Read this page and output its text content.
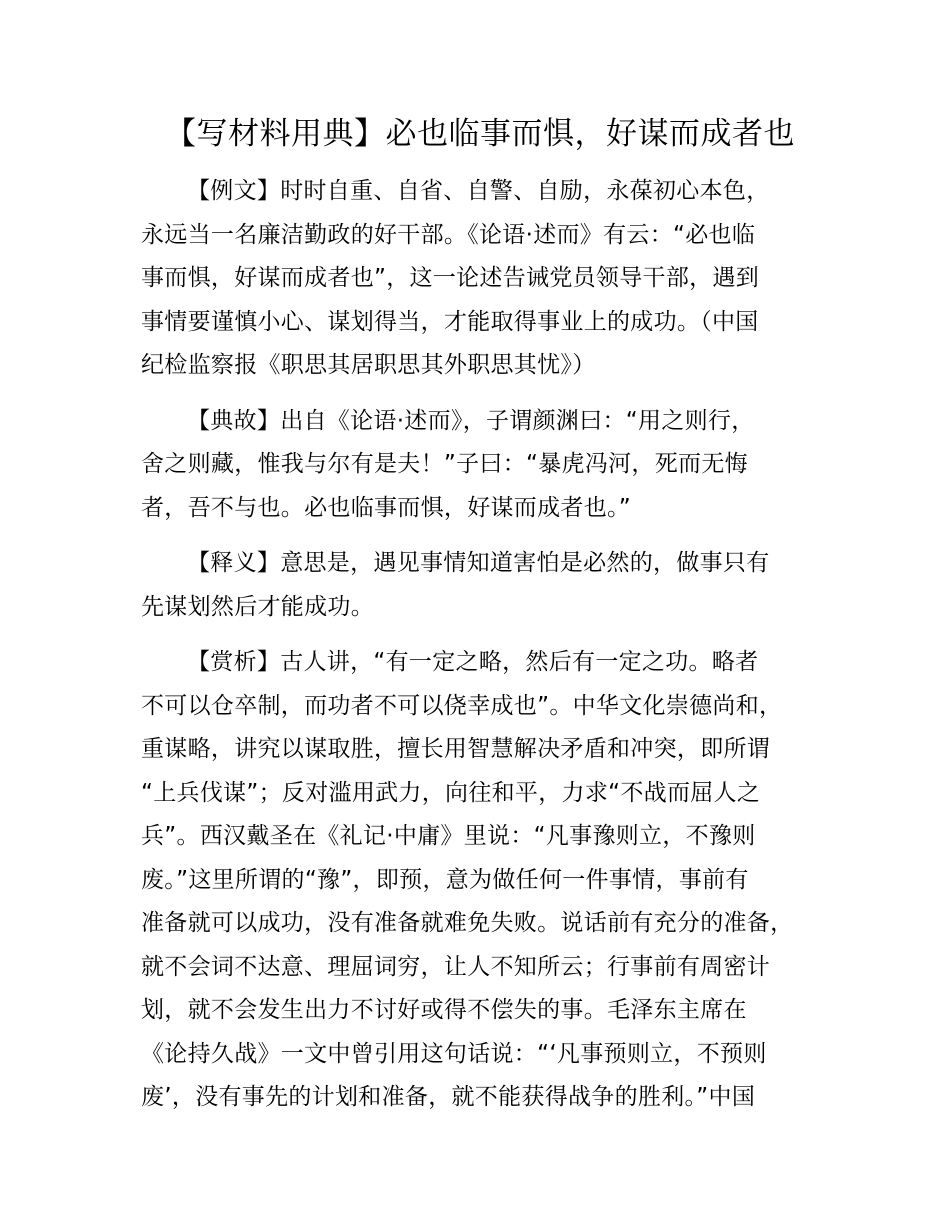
【写材料用典】必也临事而惧，好谋而成者也
【例文】时时自重、自省、自警、自励，永葆初心本色，
永远当一名廉洁勤政的好干部。《论语·述而》有云：“必也临
事而惧，好谋而成者也”，这一论述告诫党员领导干部，遇到
事情要谨慎小心、谋划得当，才能取得事业上的成功。（中国
纪检监察报《职思其居职思其外职思其忧》）
【典故】出自《论语·述而》，子谓颜渊曰：“用之则行，
舍之则藏，惟我与尔有是夫！”子曰：“暴虎冯河，死而无悔
者，吾不与也。必也临事而惧，好谋而成者也。”
【释义】意思是，遇见事情知道害怕是必然的，做事只有
先谋划然后才能成功。
【赏析】古人讲，“有一定之略，然后有一定之功。略者
不可以仓卒制，而功者不可以侥幸成也”。中华文化崇德尚和，
重谋略，讲究以谋取胜，擅长用智慧解决矛盾和冲突，即所谓
“上兵伐谋”；反对滥用武力，向往和平，力求“不战而屈人之
兵”。西汉戴圣在《礼记·中庸》里说：“凡事豫则立，不豫则
废。”这里所谓的“豫”，即预，意为做任何一件事情，事前有
准备就可以成功，没有准备就难免失败。说话前有充分的准备，
就不会词不达意、理屈词穷，让人不知所云；行事前有周密计
划，就不会发生出力不讨好或得不偿失的事。毛泽东主席在
《论持久战》一文中曾引用这句话说：“‘凡事预则立，不预则
废’，没有事先的计划和准备，就不能获得战争的胜利。”中国
